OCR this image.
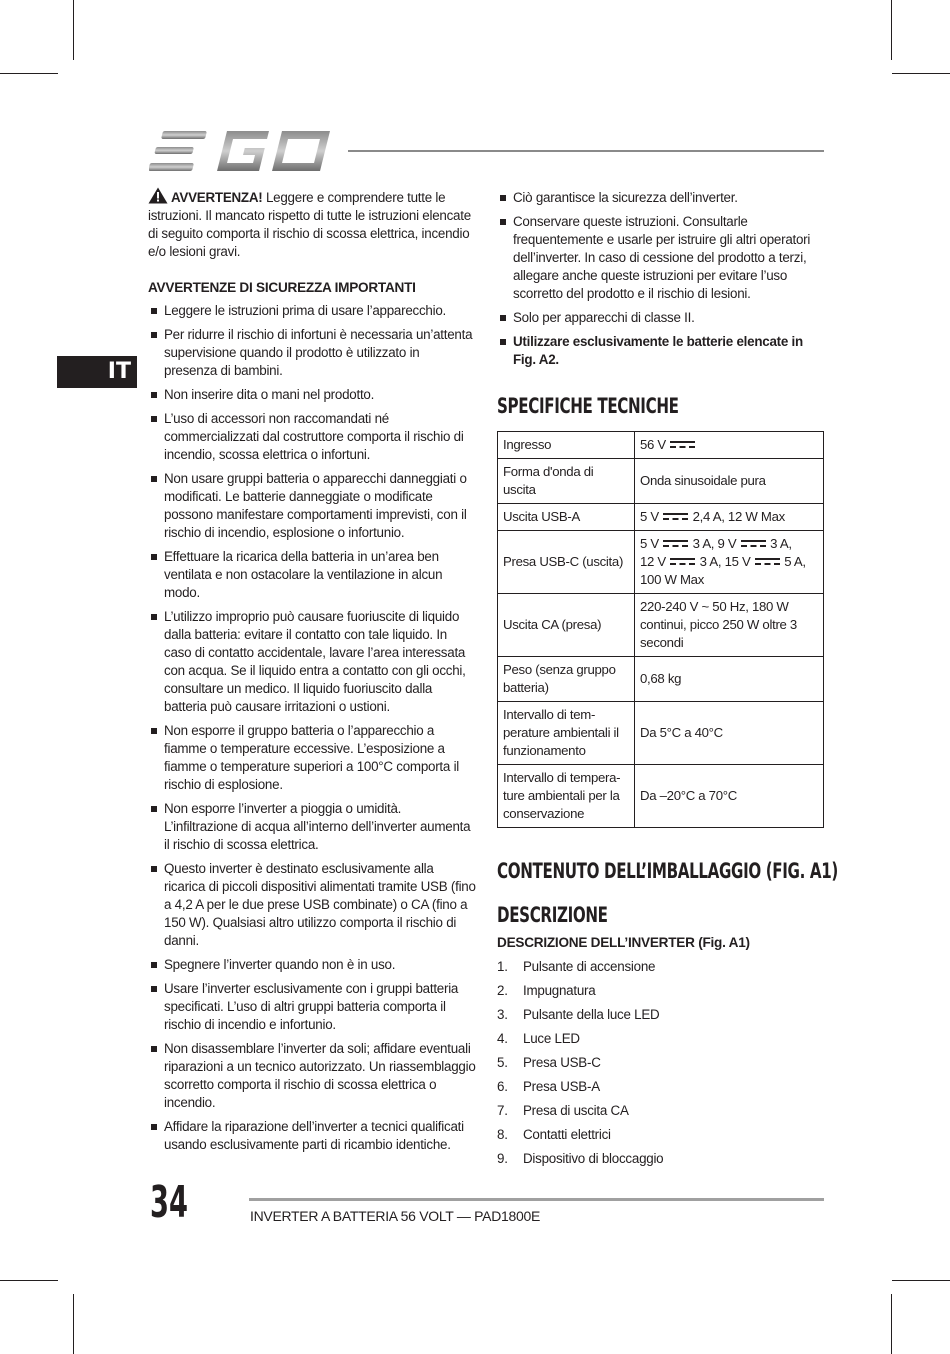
IT
AVVERTENZA! Leggere e comprendere tutte le istruzioni. Il mancato rispetto di tutte le istruzioni elencate di seguito comporta il rischio di scossa elettrica, incendio e/o lesioni gravi.
AVVERTENZE DI SICUREZZA IMPORTANTI
Leggere le istruzioni prima di usare l’apparecchio.
Per ridurre il rischio di infortuni è necessaria un’attenta supervisione quando il prodotto è utilizzato in presenza di bambini.
Non inserire dita o mani nel prodotto.
L’uso di accessori non raccomandati né commercializzati dal costruttore comporta il rischio di incendio, scossa elettrica o infortuni.
Non usare gruppi batteria o apparecchi danneggiati o modificati. Le batterie danneggiate o modificate possono manifestare comportamenti imprevisti, con il rischio di incendio, esplosione o infortunio.
Effettuare la ricarica della batteria in un’area ben ventilata e non ostacolare la ventilazione in alcun modo.
L’utilizzo improprio può causare fuoriuscite di liquido dalla batteria: evitare il contatto con tale liquido. In caso di contatto accidentale, lavare l’area interessata con acqua. Se il liquido entra a contatto con gli occhi, consultare un medico. Il liquido fuoriuscito dalla batteria può causare irritazioni o ustioni.
Non esporre il gruppo batteria o l’apparecchio a fiamme o temperature eccessive. L’esposizione a fiamme o temperature superiori a 100°C comporta il rischio di esplosione.
Non esporre l’inverter a pioggia o umidità. L’infiltrazione di acqua all’interno dell’inverter aumenta il rischio di scossa elettrica.
Questo inverter è destinato esclusivamente alla ricarica di piccoli dispositivi alimentati tramite USB (fino a 4,2 A per le due prese USB combinate) o CA (fino a 150 W). Qualsiasi altro utilizzo comporta il rischio di danni.
Spegnere l’inverter quando non è in uso.
Usare l’inverter esclusivamente con i gruppi batteria specificati. L’uso di altri gruppi batteria comporta il rischio di incendio e infortunio.
Non disassemblare l’inverter da soli; affidare eventuali riparazioni a un tecnico autorizzato. Un riassemblaggio scorretto comporta il rischio di scossa elettrica o incendio.
Affidare la riparazione dell’inverter a tecnici qualificati usando esclusivamente parti di ricambio identiche.
Ciò garantisce la sicurezza dell’inverter.
Conservare queste istruzioni. Consultarle frequentemente e usarle per istruire gli altri operatori dell’inverter. In caso di cessione del prodotto a terzi, allegare anche queste istruzioni per evitare l’uso scorretto del prodotto e il rischio di lesioni.
Solo per apparecchi di classe II.
Utilizzare esclusivamente le batterie elencate in Fig. A2.
SPECIFICHE TECNICHE
Ingresso	56 V
Forma d'onda di uscita	Onda sinusoidale pura
Uscita USB-A	5 V  2,4 A, 12 W Max
Presa USB-C (uscita)	5 V  3 A, 9 V  3 A,
12 V  3 A, 15 V  5 A,
100 W Max
Uscita CA (presa)	220-240 V ~ 50 Hz, 180 W continui, picco 250 W oltre 3 secondi
Peso (senza gruppo batteria)	0,68 kg
Intervallo di tem-perature ambientali il funzionamento	Da 5°C a 40°C
Intervallo di tempera-ture ambientali per la conservazione	Da –20°C a 70°C
CONTENUTO DELL’IMBALLAGGIO (FIG. A1)
DESCRIZIONE
DESCRIZIONE DELL’INVERTER (Fig. A1)
1. Pulsante di accensione
2. Impugnatura
3. Pulsante della luce LED
4. Luce LED
5. Presa USB-C
6. Presa USB-A
7. Presa di uscita CA
8. Contatti elettrici
9. Dispositivo di bloccaggio
34	INVERTER A BATTERIA 56 VOLT — PAD1800E
